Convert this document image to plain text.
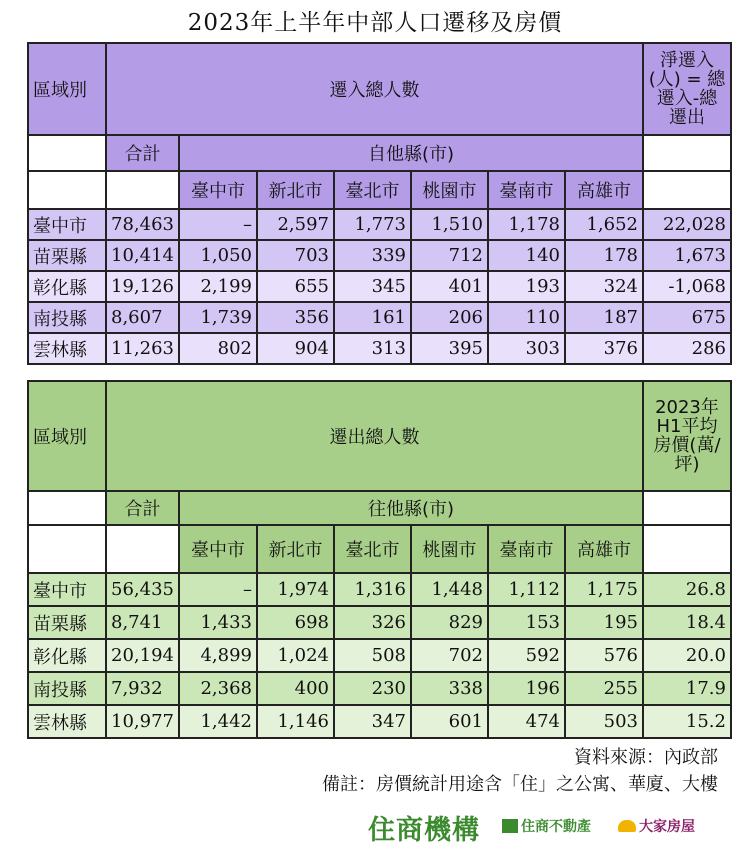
2023年上半年中部人口遷移及房價
區域別	遷入總人數							淨遷入(人) = 總遷入-總遷出
	合計	自他縣(市)						
		臺中市	新北市	臺北市	桃園市	臺南市	高雄市	
臺中市	78,463	–	2,597	1,773	1,510	1,178	1,652	22,028
苗栗縣	10,414	1,050	703	339	712	140	178	1,673
彰化縣	19,126	2,199	655	345	401	193	324	-1,068
南投縣	8,607	1,739	356	161	206	110	187	675
雲林縣	11,263	802	904	313	395	303	376	286
區域別	遷出總人數							2023年H1平均房價(萬/坪)
	合計	往他縣(市)						
		臺中市	新北市	臺北市	桃園市	臺南市	高雄市	
臺中市	56,435	–	1,974	1,316	1,448	1,112	1,175	26.8
苗栗縣	8,741	1,433	698	326	829	153	195	18.4
彰化縣	20,194	4,899	1,024	508	702	592	576	20.0
南投縣	7,932	2,368	400	230	338	196	255	17.9
雲林縣	10,977	1,442	1,146	347	601	474	503	15.2
資料來源：內政部
備註：房價統計用途含「住」之公寓、華廈、大樓
住商機構	住商不動產	大家房屋
